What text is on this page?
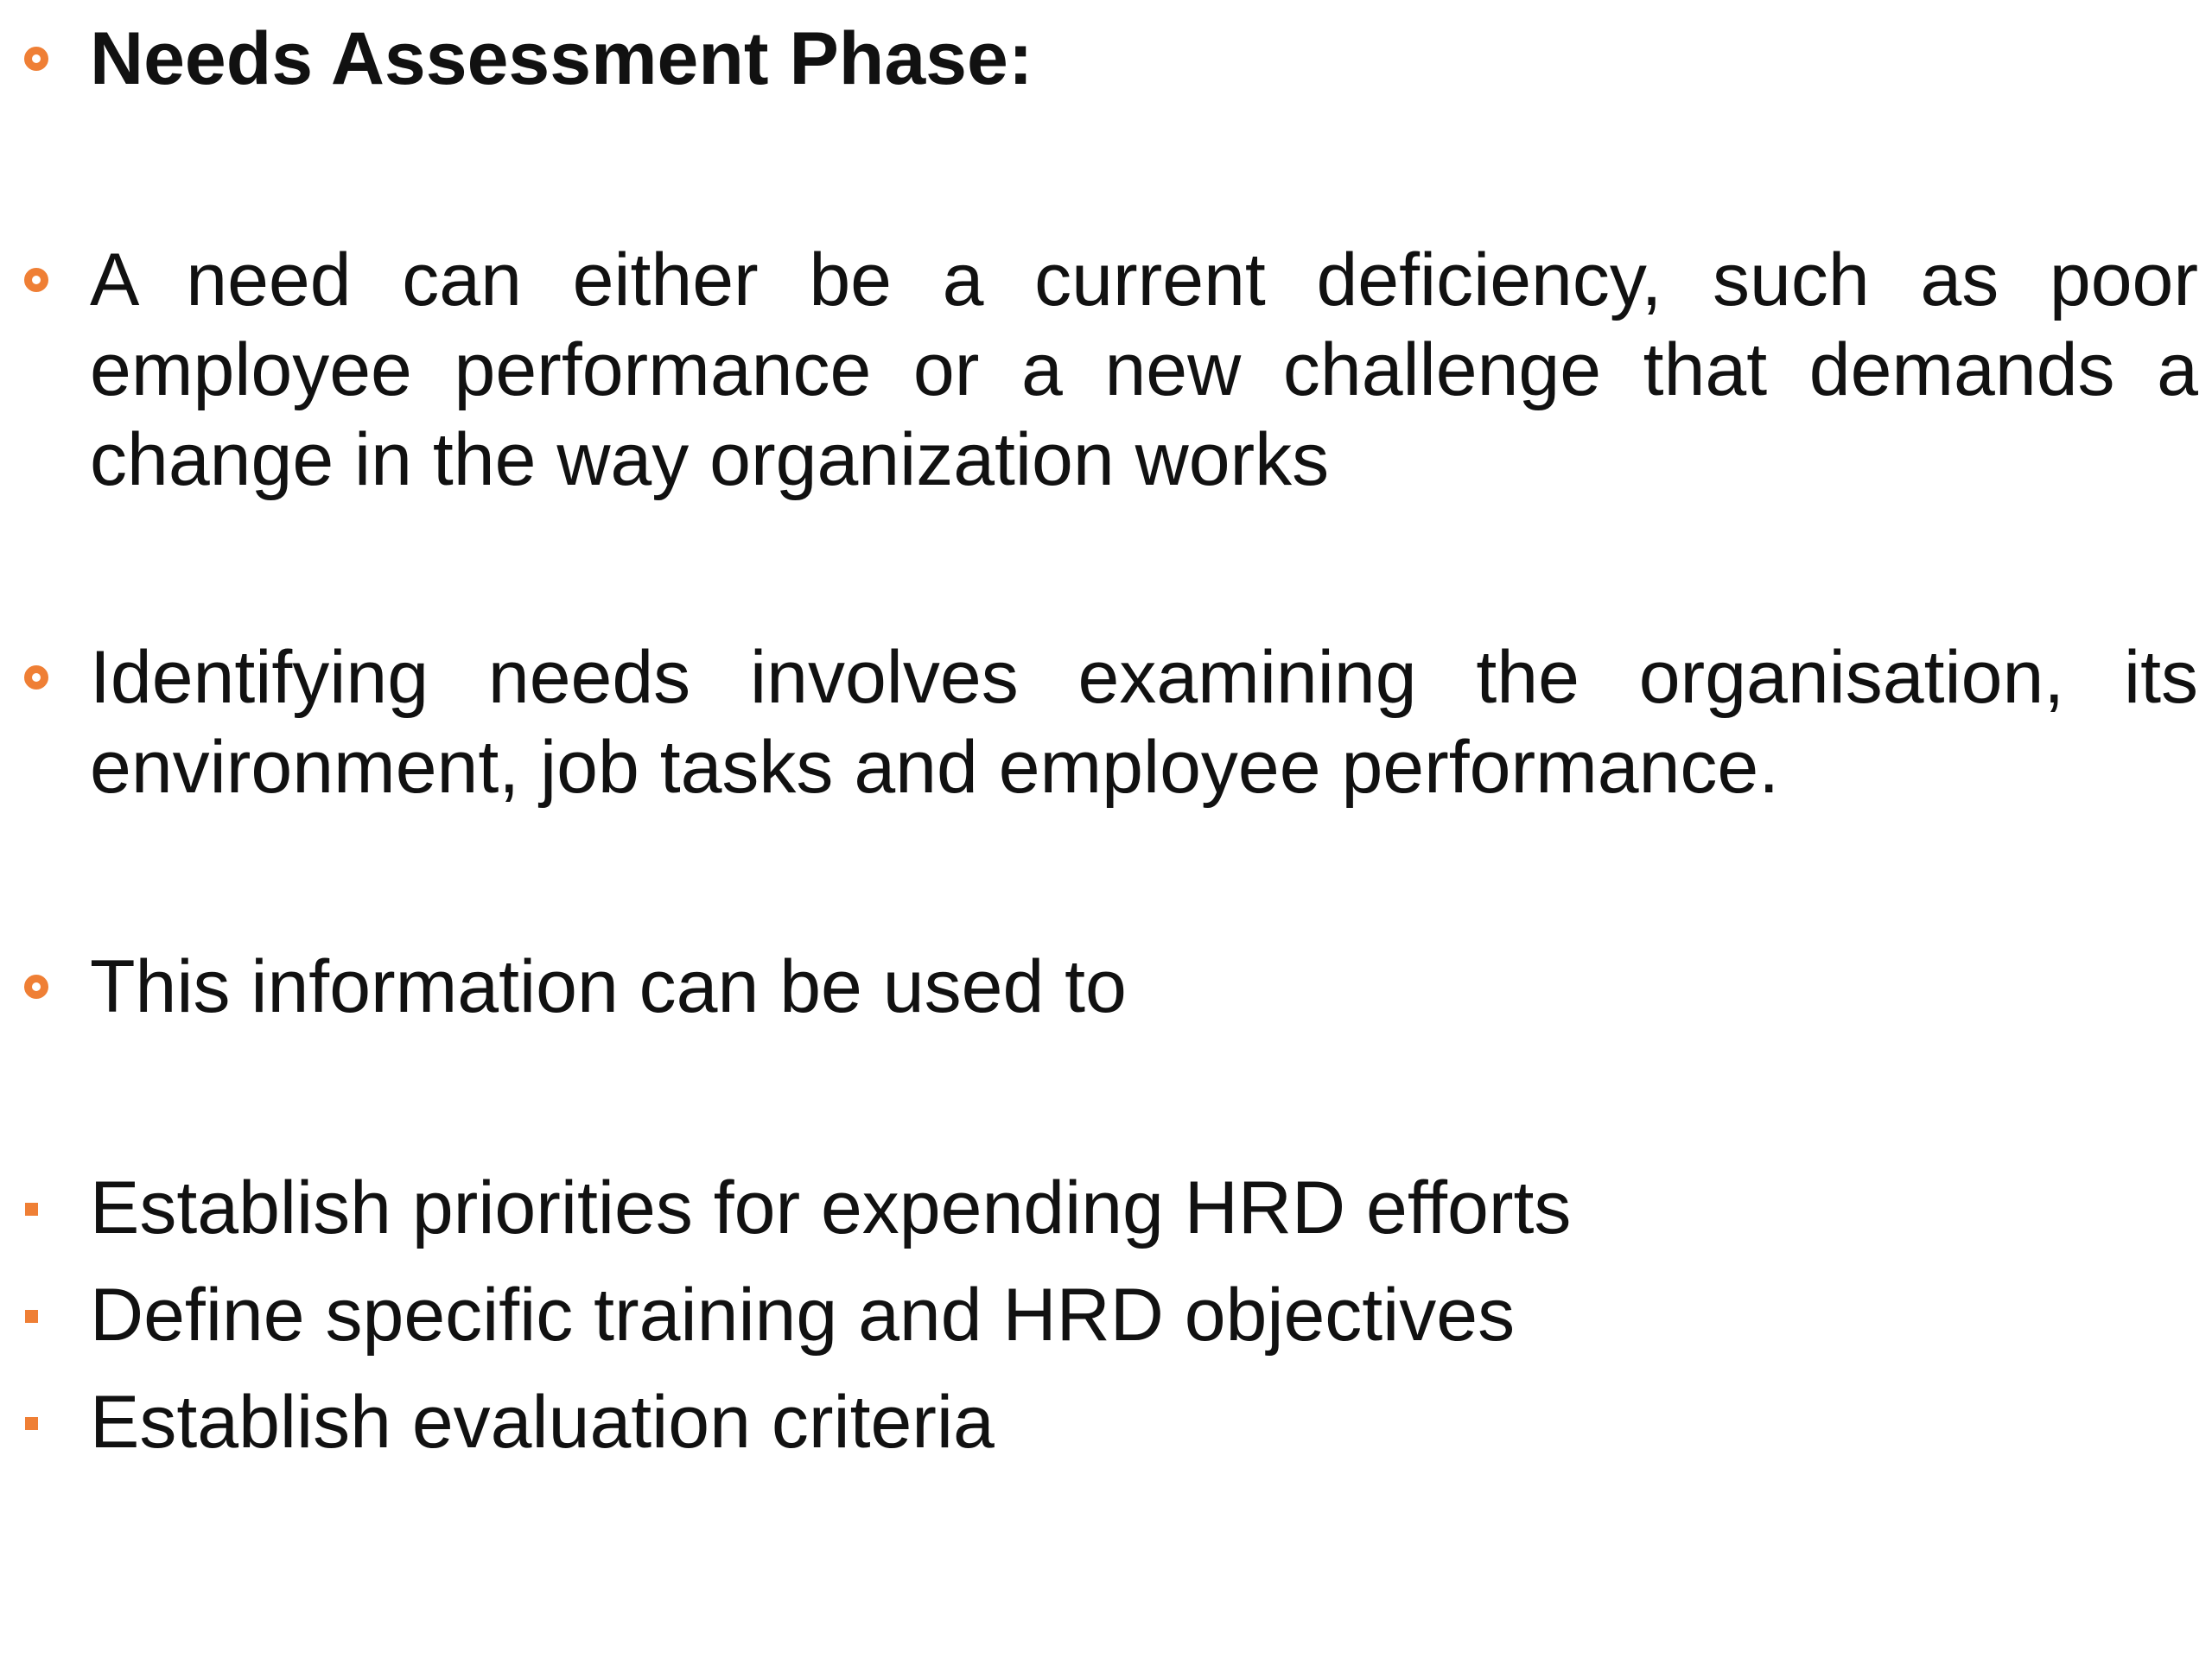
Needs Assessment Phase:
A need can either be a current deficiency, such as poor employee performance or a new challenge that demands a change in the way organization works
Identifying needs involves examining the organisation, its environment, job tasks and employee performance.
This information can be used to
Establish priorities for expending HRD efforts
Define specific training and HRD objectives
Establish evaluation criteria
